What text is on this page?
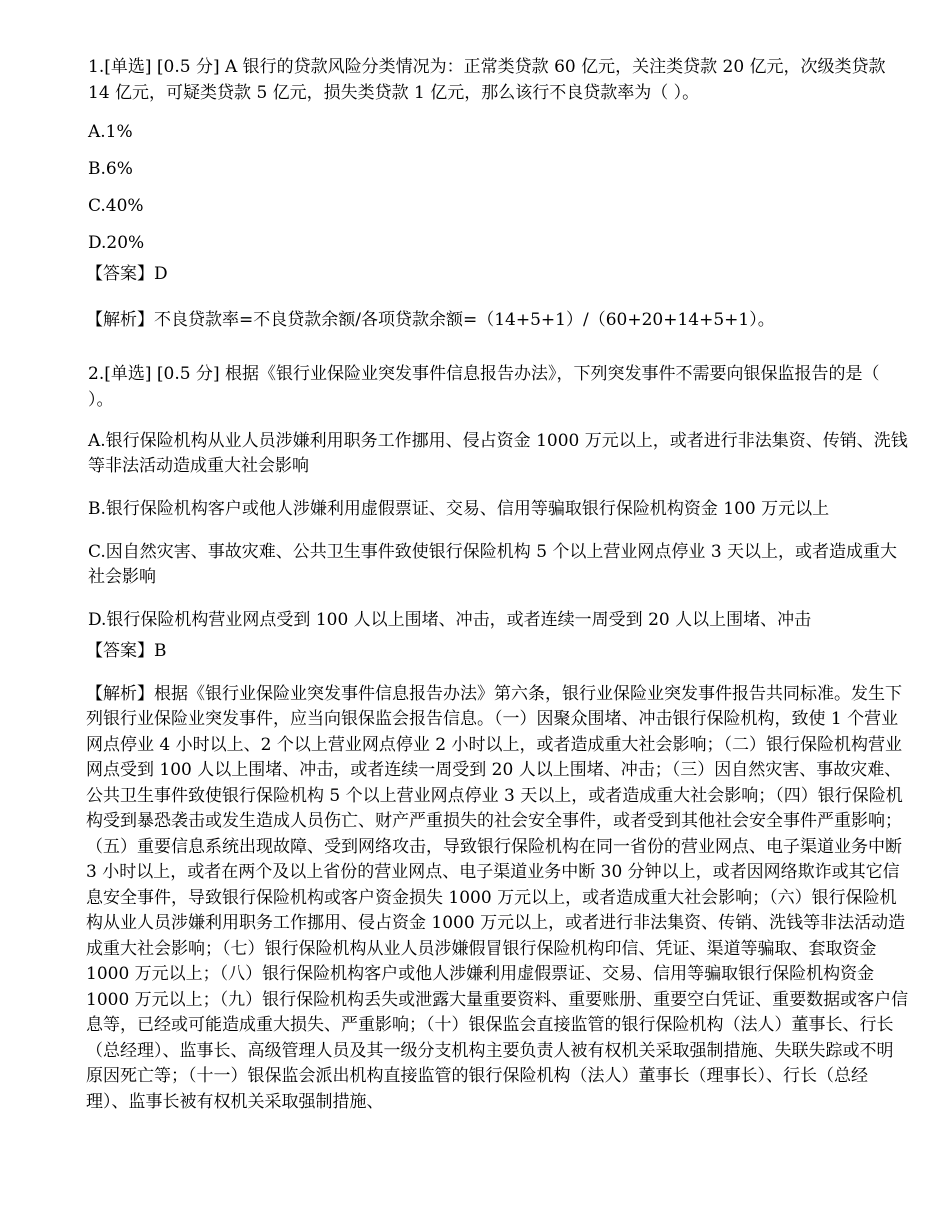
1.[单选] [0.5 分] A 银行的贷款风险分类情况为：正常类贷款 60 亿元，关注类贷款 20 亿元，次级类贷款 14 亿元，可疑类贷款 5 亿元，损失类贷款 1 亿元，那么该行不良贷款率为（ ）。

A.1%

B.6%

C.40%

D.20%

【答案】D

【解析】不良贷款率=不良贷款余额/各项贷款余额=（14+5+1）/（60+20+14+5+1）。

2.[单选] [0.5 分] 根据《银行业保险业突发事件信息报告办法》，下列突发事件不需要向银保监报告的是（ ）。

A.银行保险机构从业人员涉嫌利用职务工作挪用、侵占资金 1000 万元以上，或者进行非法集资、传销、洗钱等非法活动造成重大社会影响

B.银行保险机构客户或他人涉嫌利用虚假票证、交易、信用等骗取银行保险机构资金 100 万元以上

C.因自然灾害、事故灾难、公共卫生事件致使银行保险机构 5 个以上营业网点停业 3 天以上，或者造成重大社会影响

D.银行保险机构营业网点受到 100 人以上围堵、冲击，或者连续一周受到 20 人以上围堵、冲击

【答案】B

【解析】根据《银行业保险业突发事件信息报告办法》第六条，银行业保险业突发事件报告共同标准。发生下列银行业保险业突发事件，应当向银保监会报告信息。（一）因聚众围堵、冲击银行保险机构，致使 1 个营业网点停业 4 小时以上、2 个以上营业网点停业 2 小时以上，或者造成重大社会影响；（二）银行保险机构营业网点受到 100 人以上围堵、冲击，或者连续一周受到 20 人以上围堵、冲击；（三）因自然灾害、事故灾难、公共卫生事件致使银行保险机构 5 个以上营业网点停业 3 天以上，或者造成重大社会影响；（四）银行保险机构受到暴恐袭击或发生造成人员伤亡、财产严重损失的社会安全事件，或者受到其他社会安全事件严重影响；（五）重要信息系统出现故障、受到网络攻击，导致银行保险机构在同一省份的营业网点、电子渠道业务中断 3 小时以上，或者在两个及以上省份的营业网点、电子渠道业务中断 30 分钟以上，或者因网络欺诈或其它信息安全事件，导致银行保险机构或客户资金损失 1000 万元以上，或者造成重大社会影响；（六）银行保险机构从业人员涉嫌利用职务工作挪用、侵占资金 1000 万元以上，或者进行非法集资、传销、洗钱等非法活动造成重大社会影响；（七）银行保险机构从业人员涉嫌假冒银行保险机构印信、凭证、渠道等骗取、套取资金 1000 万元以上；（八）银行保险机构客户或他人涉嫌利用虚假票证、交易、信用等骗取银行保险机构资金 1000 万元以上；（九）银行保险机构丢失或泄露大量重要资料、重要账册、重要空白凭证、重要数据或客户信息等，已经或可能造成重大损失、严重影响；（十）银保监会直接监管的银行保险机构（法人）董事长、行长（总经理）、监事长、高级管理人员及其一级分支机构主要负责人被有权机关采取强制措施、失联失踪或不明原因死亡等；（十一）银保监会派出机构直接监管的银行保险机构（法人）董事长（理事长）、行长（总经理）、监事长被有权机关采取强制措施、
